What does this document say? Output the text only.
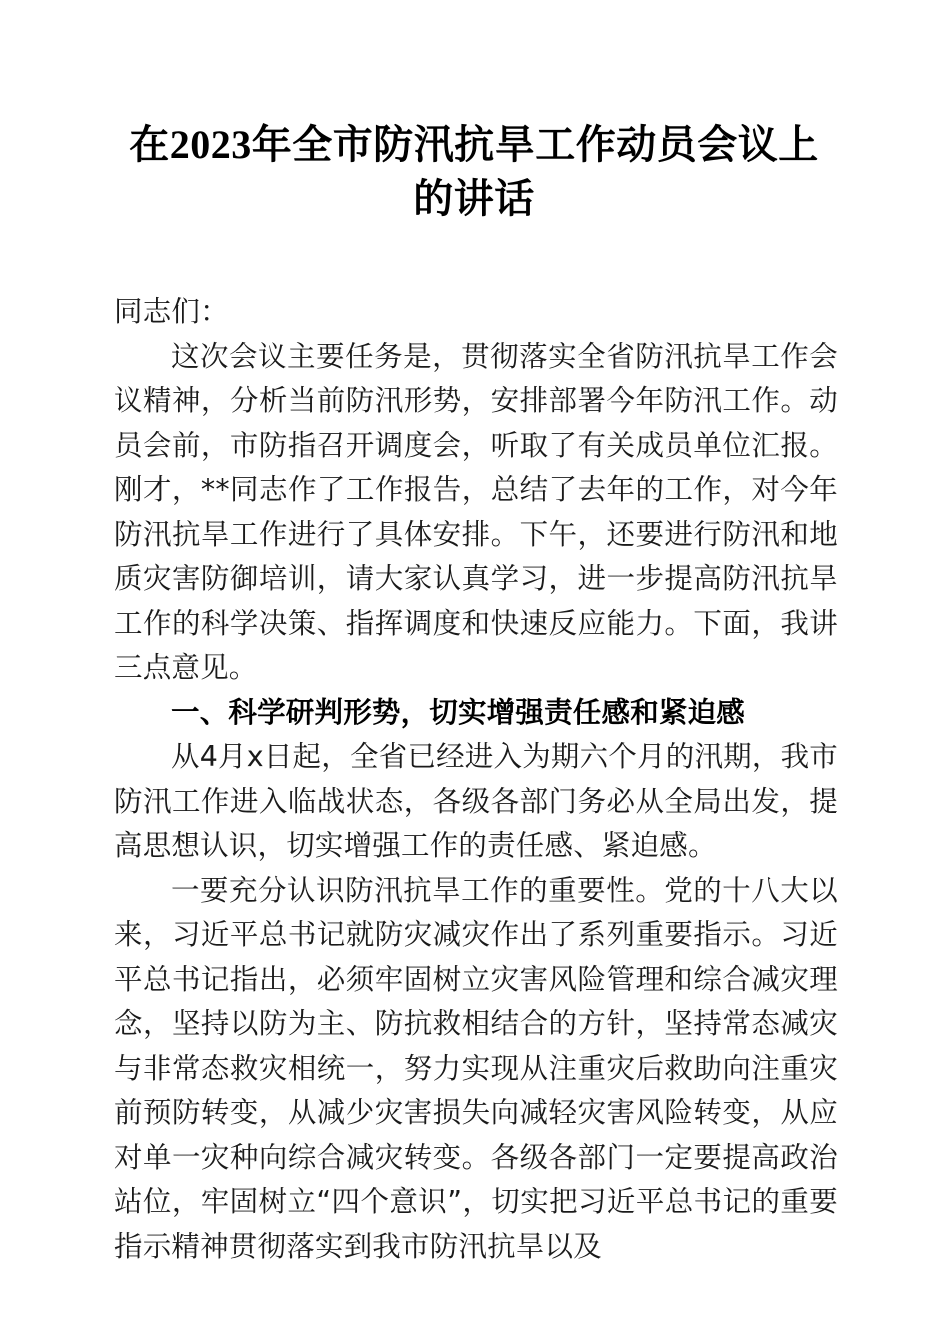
在2023年全市防汛抗旱工作动员会议上的讲话

同志们：

这次会议主要任务是，贯彻落实全省防汛抗旱工作会议精神，分析当前防汛形势，安排部署今年防汛工作。动员会前，市防指召开调度会，听取了有关成员单位汇报。刚才，**同志作了工作报告，总结了去年的工作，对今年防汛抗旱工作进行了具体安排。下午，还要进行防汛和地质灾害防御培训，请大家认真学习，进一步提高防汛抗旱工作的科学决策、指挥调度和快速反应能力。下面，我讲三点意见。

一、科学研判形势，切实增强责任感和紧迫感

从4月x日起，全省已经进入为期六个月的汛期，我市防汛工作进入临战状态，各级各部门务必从全局出发，提高思想认识，切实增强工作的责任感、紧迫感。

一要充分认识防汛抗旱工作的重要性。党的十八大以来，习近平总书记就防灾减灾作出了系列重要指示。习近平总书记指出，必须牢固树立灾害风险管理和综合减灾理念，坚持以防为主、防抗救相结合的方针，坚持常态减灾与非常态救灾相统一，努力实现从注重灾后救助向注重灾前预防转变，从减少灾害损失向减轻灾害风险转变，从应对单一灾种向综合减灾转变。各级各部门一定要提高政治站位，牢固树立“四个意识”，切实把习近平总书记的重要指示精神贯彻落实到我市防汛抗旱以及
